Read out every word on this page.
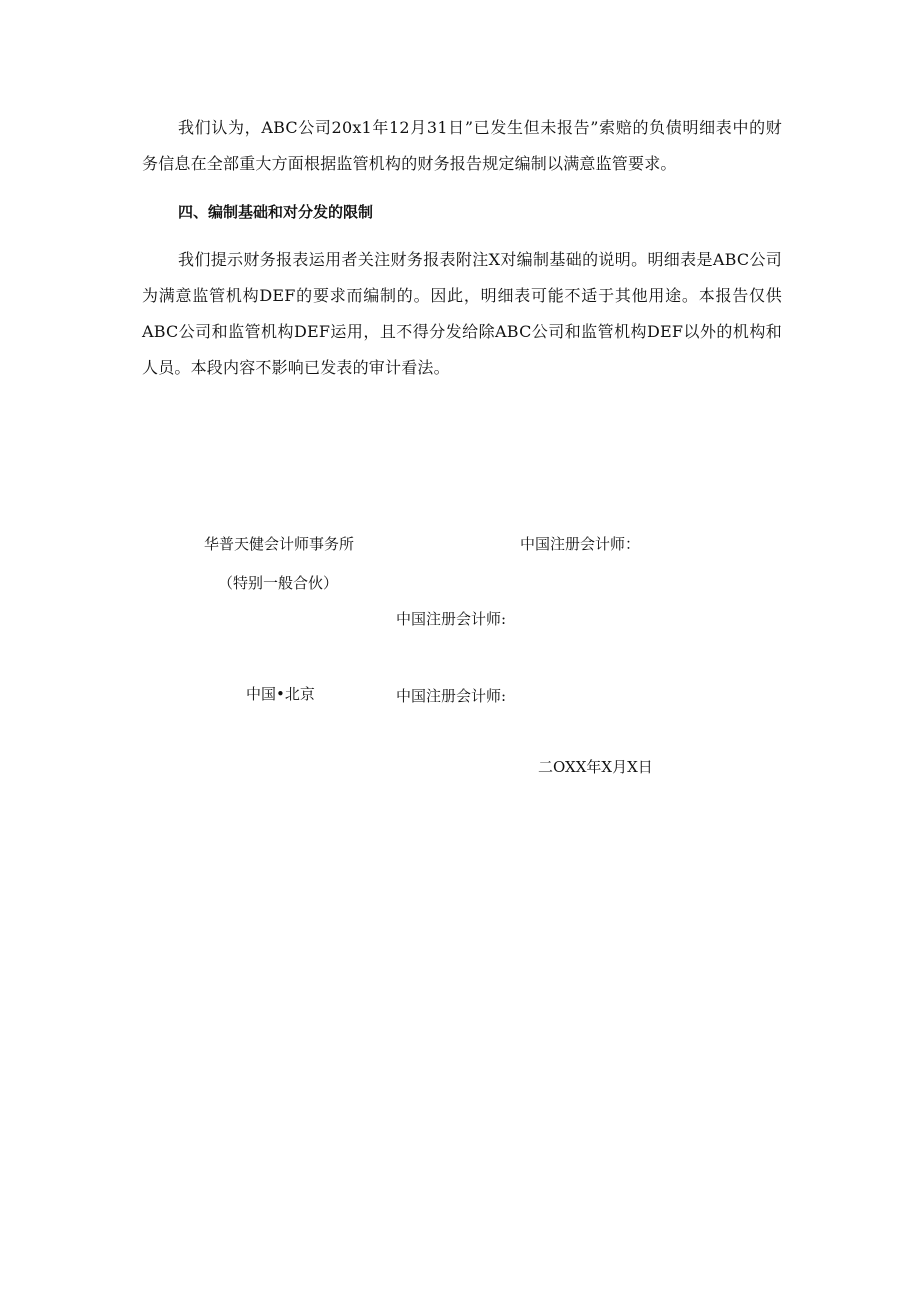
我们认为，ABC公司20x1年12月31日”已发生但未报告”索赔的负债明细表中的财务信息在全部重大方面根据监管机构的财务报告规定编制以满意监管要求。

四、编制基础和对分发的限制

我们提示财务报表运用者关注财务报表附注X对编制基础的说明。明细表是ABC公司为满意监管机构DEF的要求而编制的。因此，明细表可能不适于其他用途。本报告仅供ABC公司和监管机构DEF运用，且不得分发给除ABC公司和监管机构DEF以外的机构和人员。本段内容不影响已发表的审计看法。

华普天健会计师事务所	中国注册会计师：
（特别一般合伙）
中国注册会计师:
中国•北京	中国注册会计师:
二OXX年X月X日
